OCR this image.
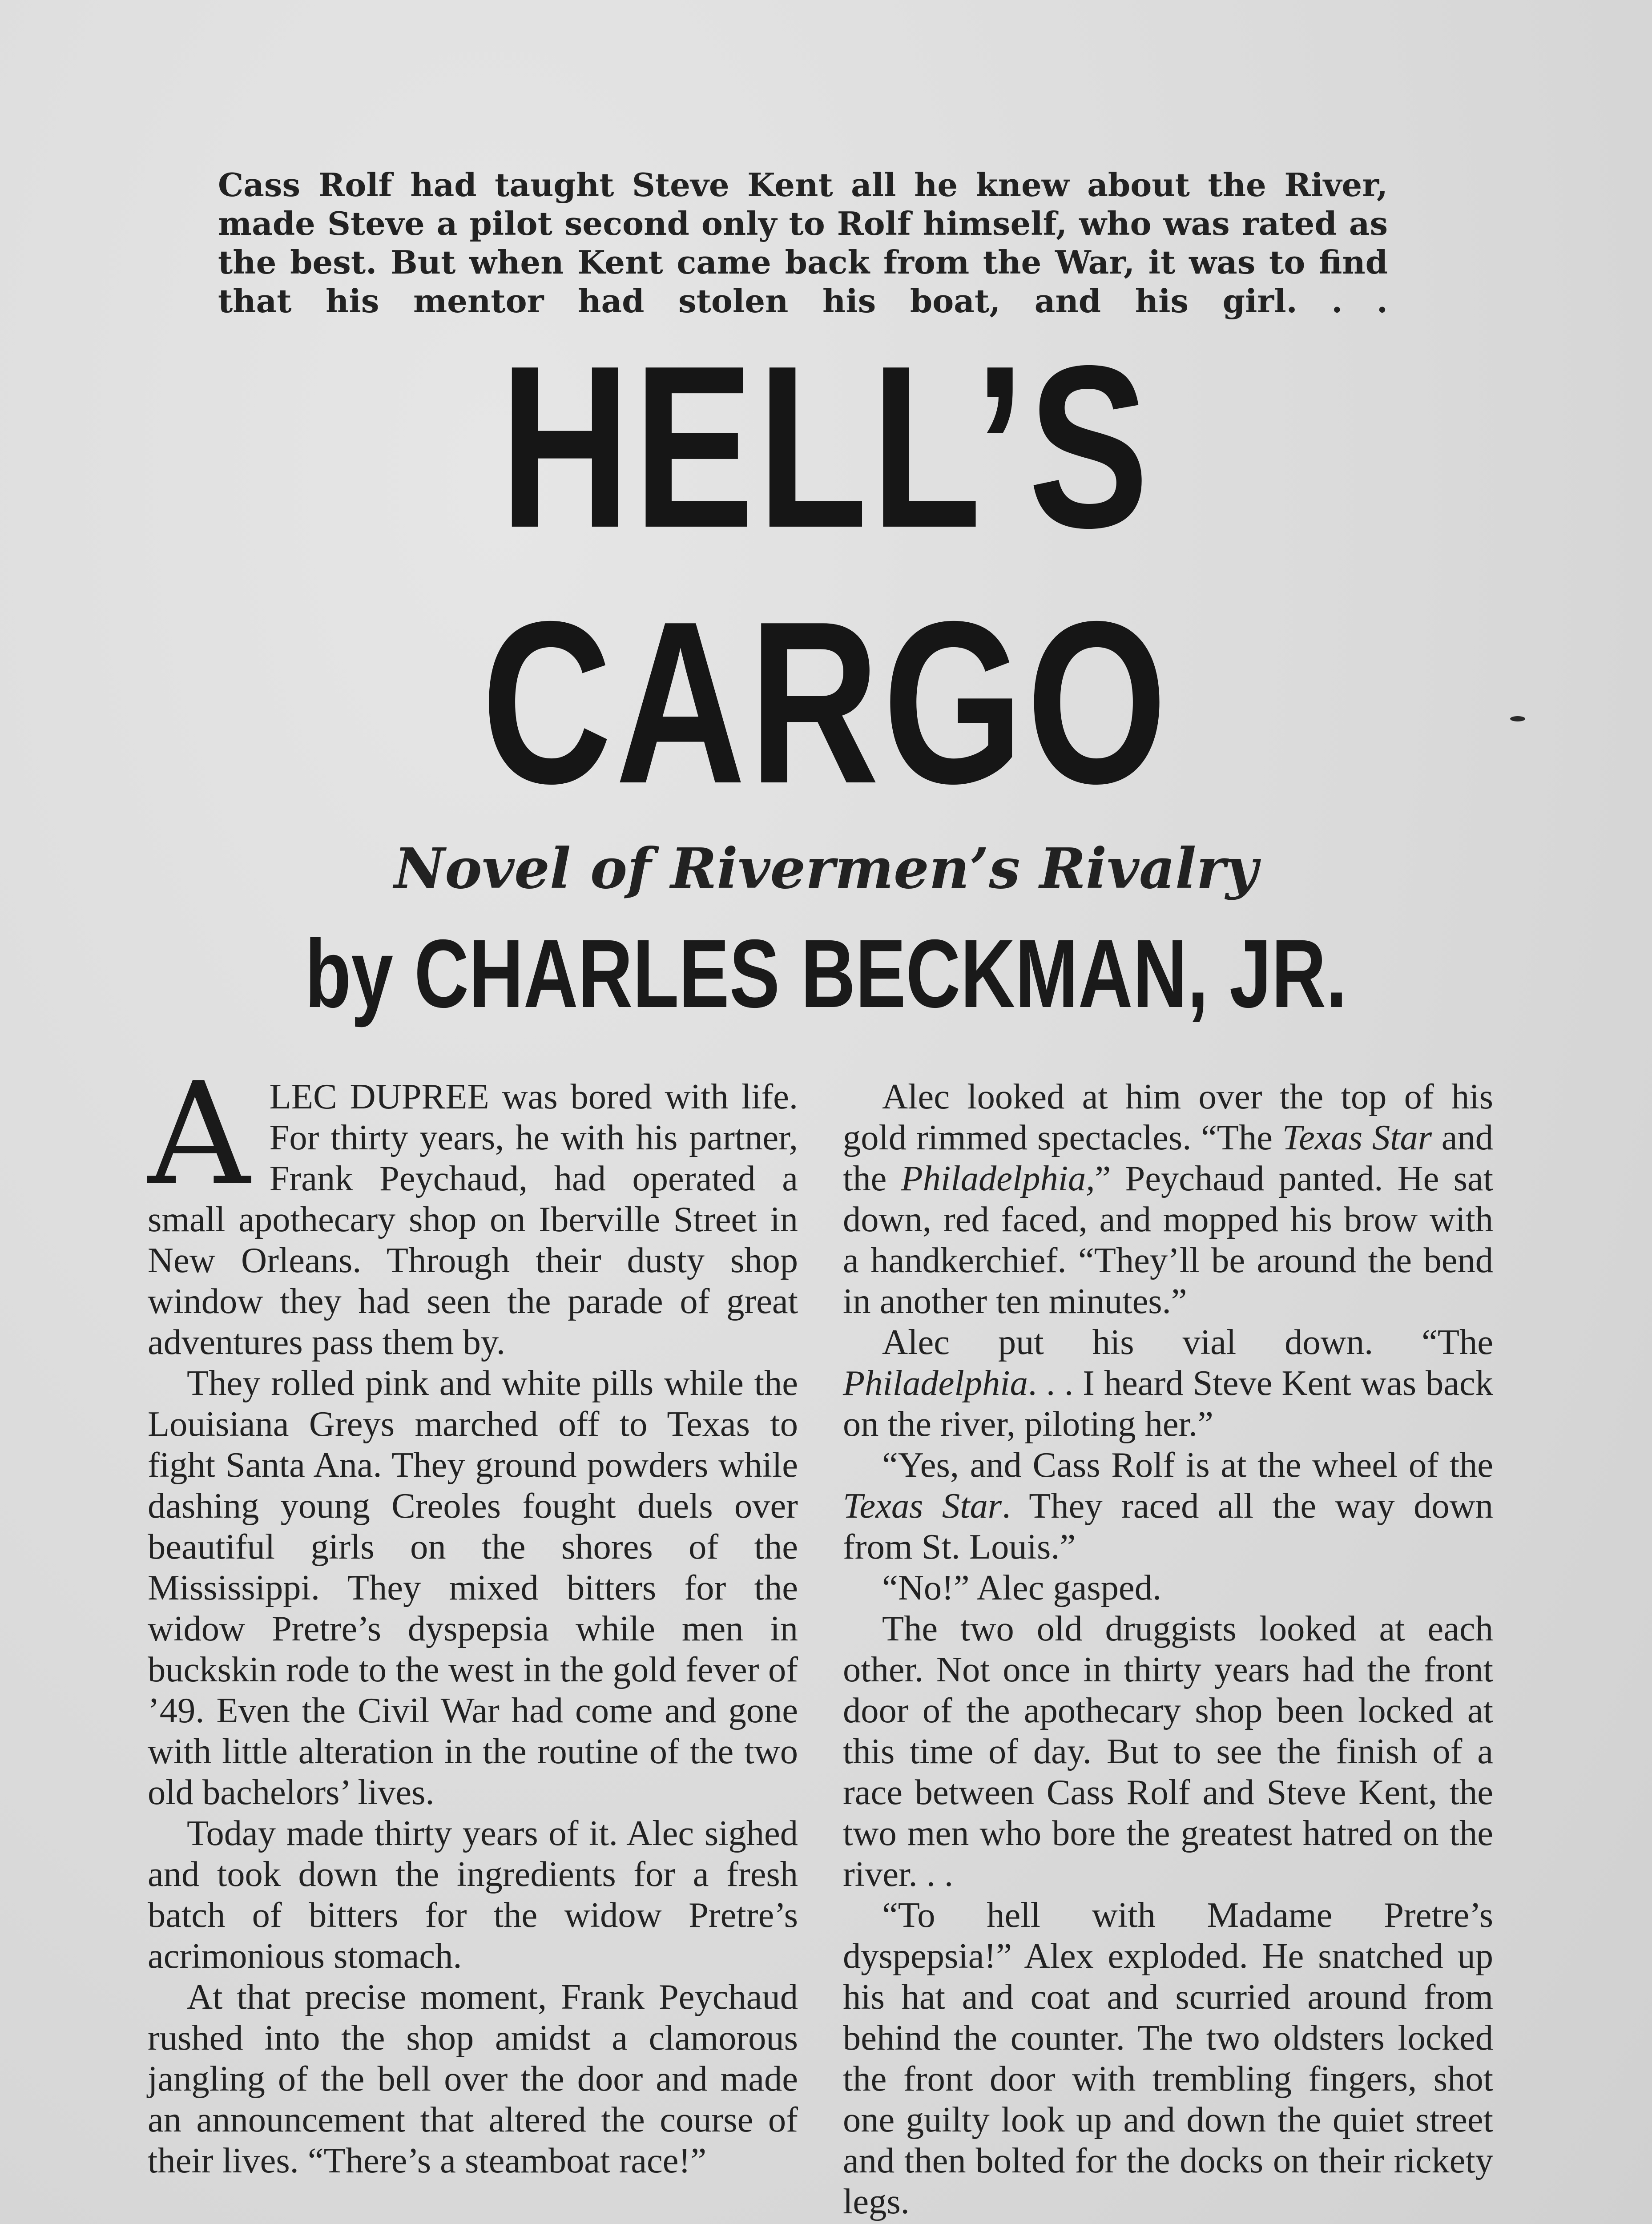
Cass Rolf had taught Steve Kent all he knew about the River, made Steve a pilot second only to Rolf himself, who was rated as the best. But when Kent came back from the War, it was to find that his mentor had stolen his boat, and his girl. . .
HELL’S
CARGO
Novel of Rivermen’s Rivalry
by CHARLES BECKMAN, JR.

ALEC DUPREE was bored with life. For thirty years, he with his partner, Frank Peychaud, had operated a small apothecary shop on Iberville Street in New Orleans. Through their dusty shop window they had seen the parade of great adventures pass them by.

They rolled pink and white pills while the Louisiana Greys marched off to Texas to fight Santa Ana. They ground powders while dashing young Creoles fought duels over beautiful girls on the shores of the Mississippi. They mixed bitters for the widow Pretre’s dyspepsia while men in buckskin rode to the west in the gold fever of ’49. Even the Civil War had come and gone with little alteration in the routine of the two old bachelors’ lives.

Today made thirty years of it. Alec sighed and took down the ingredients for a fresh batch of bitters for the widow Pretre’s acrimonious stomach.

At that precise moment, Frank Peychaud rushed into the shop amidst a clamorous jangling of the bell over the door and made an announcement that altered the course of their lives. “There’s a steamboat race!”

Alec looked at him over the top of his gold rimmed spectacles. “The Texas Star and the Philadelphia,” Peychaud panted. He sat down, red faced, and mopped his brow with a handkerchief. “They’ll be around the bend in another ten minutes.”

Alec put his vial down. “The Philadelphia. . . I heard Steve Kent was back on the river, piloting her.”

“Yes, and Cass Rolf is at the wheel of the Texas Star. They raced all the way down from St. Louis.”

“No!” Alec gasped.

The two old druggists looked at each other. Not once in thirty years had the front door of the apothecary shop been locked at this time of day. But to see the finish of a race between Cass Rolf and Steve Kent, the two men who bore the greatest hatred on the river. . .

“To hell with Madame Pretre’s dyspepsia!” Alex exploded. He snatched up his hat and coat and scurried around from behind the counter. The two oldsters locked the front door with trembling fingers, shot one guilty look up and down the quiet street and then bolted for the docks on their rickety legs.
